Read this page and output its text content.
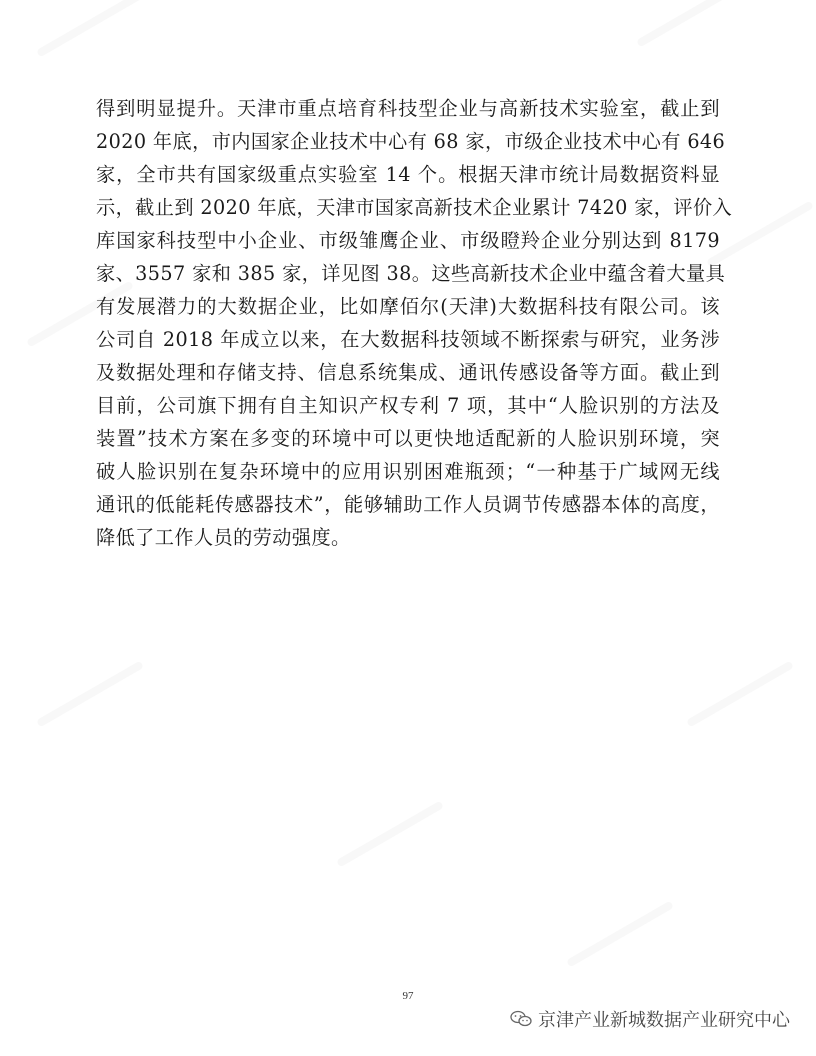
得到明显提升。天津市重点培育科技型企业与高新技术实验室，截止到
2020 年底，市内国家企业技术中心有 68 家，市级企业技术中心有 646
家，全市共有国家级重点实验室 14 个。根据天津市统计局数据资料显
示，截止到 2020 年底，天津市国家高新技术企业累计 7420 家，评价入
库国家科技型中小企业、市级雏鹰企业、市级瞪羚企业分别达到 8179
家、3557 家和 385 家，详见图 38。这些高新技术企业中蕴含着大量具
有发展潜力的大数据企业，比如摩佰尔(天津)大数据科技有限公司。该
公司自 2018 年成立以来，在大数据科技领域不断探索与研究，业务涉
及数据处理和存储支持、信息系统集成、通讯传感设备等方面。截止到
目前，公司旗下拥有自主知识产权专利 7 项，其中“人脸识别的方法及
装置”技术方案在多变的环境中可以更快地适配新的人脸识别环境，突
破人脸识别在复杂环境中的应用识别困难瓶颈；“一种基于广域网无线
通讯的低能耗传感器技术”，能够辅助工作人员调节传感器本体的高度，
降低了工作人员的劳动强度。
97
京津产业新城数据产业研究中心
